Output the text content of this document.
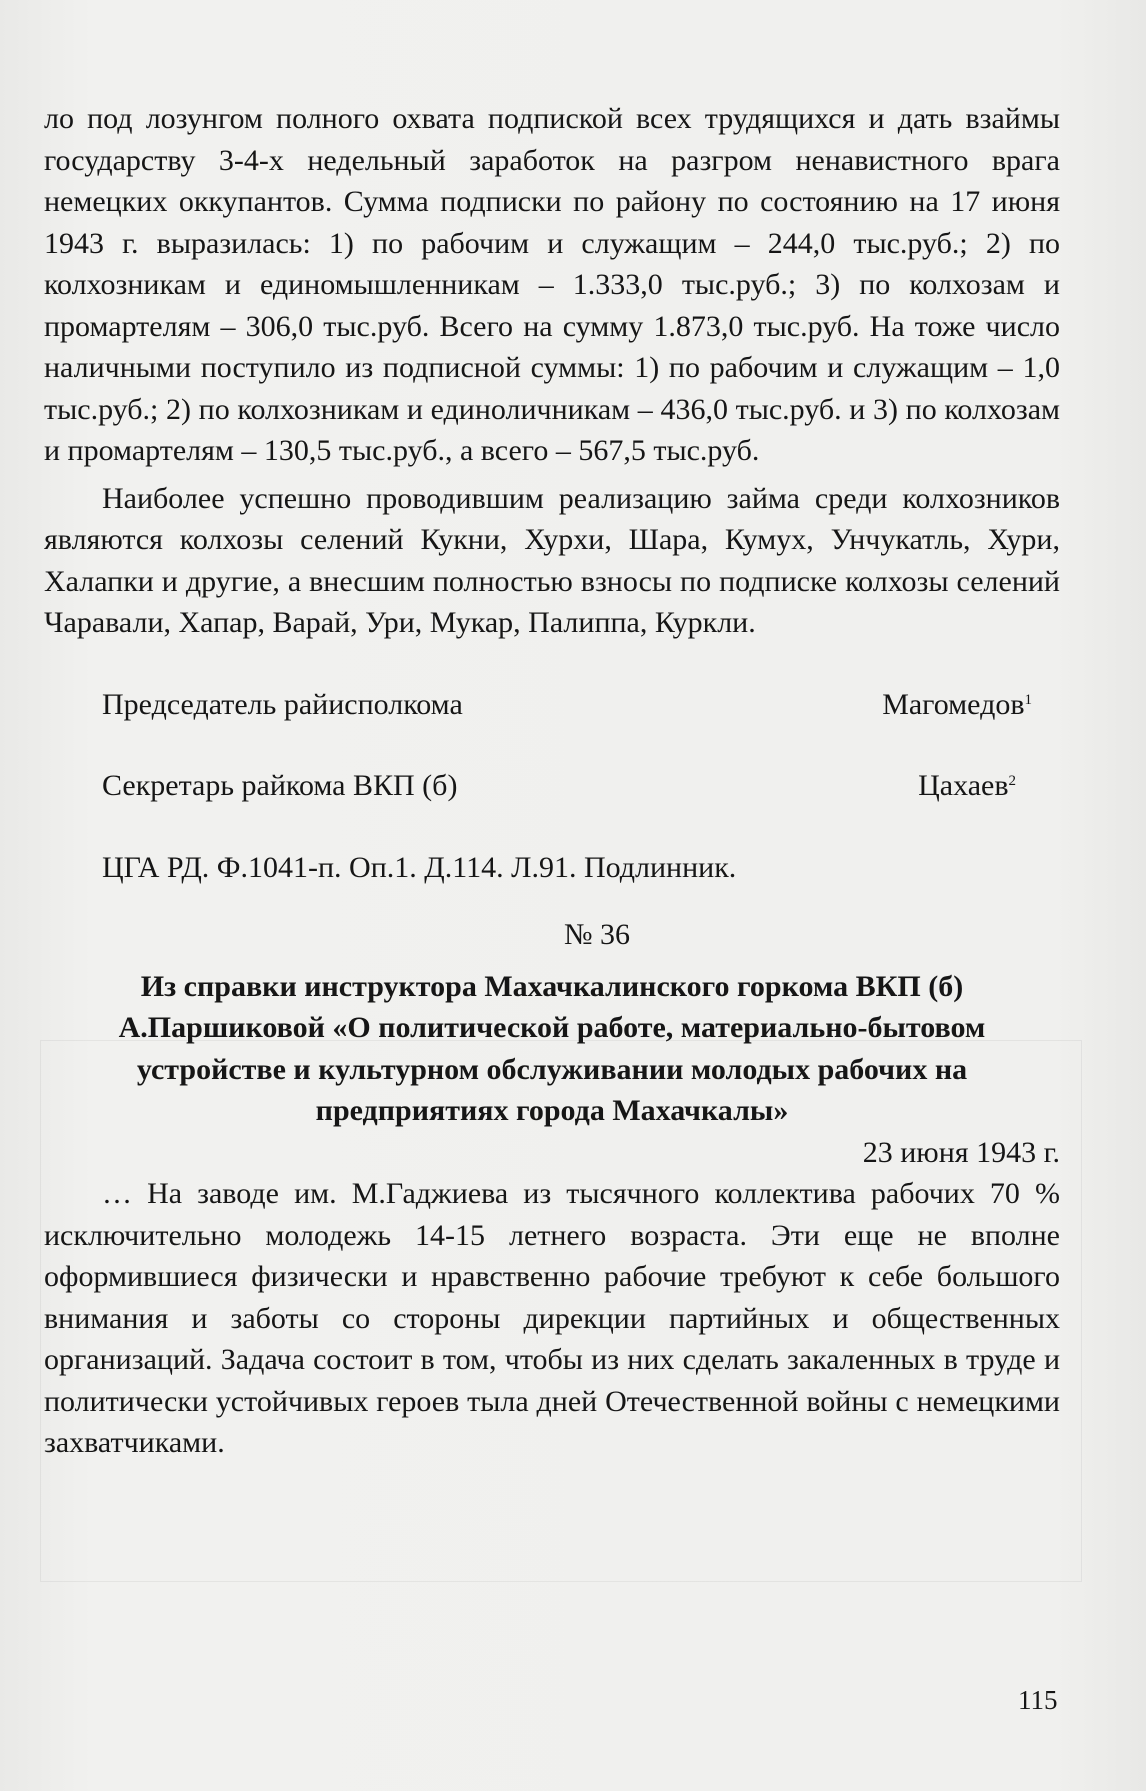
ло под лозунгом полного охвата подпиской всех трудящихся и дать взаймы государству 3-4-х недельный заработок на разгром ненавистного врага немецких оккупантов. Сумма подписки по району по состоянию на 17 июня 1943 г. выразилась: 1) по рабочим и служащим – 244,0 тыс.руб.; 2) по колхозникам и единомышленникам – 1.333,0 тыс.руб.; 3) по колхозам и промартелям – 306,0 тыс.руб. Всего на сумму 1.873,0 тыс.руб. На тоже число наличными поступило из подписной суммы: 1) по рабочим и служащим – 1,0 тыс.руб.; 2) по колхозникам и единоличникам – 436,0 тыс.руб. и 3) по колхозам и промартелям – 130,5 тыс.руб., а всего – 567,5 тыс.руб.

Наиболее успешно проводившим реализацию займа среди колхозников являются колхозы селений Кукни, Хурхи, Шара, Кумух, Унчукатль, Хури, Халапки и другие, а внесшим полностью взносы по подписке колхозы селений Чаравали, Хапар, Варай, Ури, Мукар, Палиппа, Куркли.

Председатель райисполкома	Магомедов$^1$
Секретарь райкома ВКП (б)	Цахаев$^2$
ЦГА РД. Ф.1041-п. Оп.1. Д.114. Л.91. Подлинник.
№ 36
Из справки инструктора Махачкалинского горкома ВКП (б) А.Паршиковой «О политической работе, материально-бытовом устройстве и культурном обслуживании молодых рабочих на предприятиях города Махачкалы»
23 июня 1943 г.

… На заводе им. М.Гаджиева из тысячного коллектива рабочих 70 % исключительно молодежь 14-15 летнего возраста. Эти еще не вполне оформившиеся физически и нравственно рабочие требуют к себе большого внимания и заботы со стороны дирекции партийных и общественных организаций. Задача состоит в том, чтобы из них сделать закаленных в труде и политически устойчивых героев тыла дней Отечественной войны с немецкими захватчиками.

115
